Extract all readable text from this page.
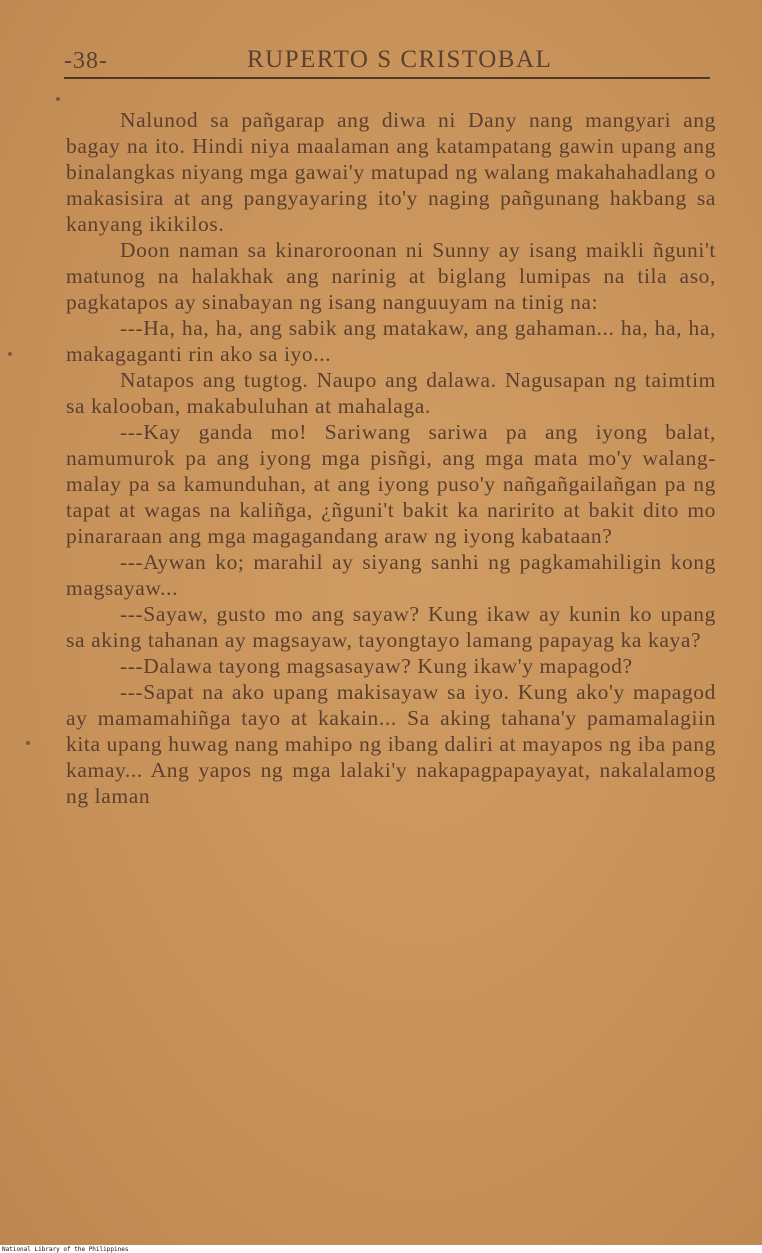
-38-	RUPERTO S CRISTOBAL

Nalunod sa pañgarap ang diwa ni Dany nang mangyari ang bagay na ito. Hindi niya maalaman ang katampatang gawin upang ang binalangkas niyang mga gawai'y matupad ng walang makahahadlang o makasisira at ang pangyayaring ito'y naging pañgunang hakbang sa kanyang ikikilos.

Doon naman sa kinaroroonan ni Sunny ay isang maikli ñguni't matunog na halakhak ang narinig at biglang lumipas na tila aso, pagkatapos ay sinabayan ng isang nanguuyam na tinig na:

---Ha, ha, ha, ang sabik ang matakaw, ang gahaman... ha, ha, ha, makagaganti rin ako sa iyo...

Natapos ang tugtog. Naupo ang dalawa. Nagusapan ng taimtim sa kalooban, makabuluhan at mahalaga.

---Kay ganda mo! Sariwang sariwa pa ang iyong balat, namumurok pa ang iyong mga pisñgi, ang mga mata mo'y walang-malay pa sa kamunduhan, at ang iyong puso'y nañgañgailañgan pa ng tapat at wagas na kaliñga, ¿ñguni't bakit ka naririto at bakit dito mo pinararaan ang mga magagandang araw ng iyong kabataan?

---Aywan ko; marahil ay siyang sanhi ng pagkamahiligin kong magsayaw...

---Sayaw, gusto mo ang sayaw? Kung ikaw ay kunin ko upang sa aking tahanan ay magsayaw, tayongtayo lamang papayag ka kaya?

---Dalawa tayong magsasayaw? Kung ikaw'y mapagod?

---Sapat na ako upang makisayaw sa iyo. Kung ako'y mapagod ay mamamahiñga tayo at kakain... Sa aking tahana'y pamamalagiin kita upang huwag nang mahipo ng ibang daliri at mayapos ng iba pang kamay... Ang yapos ng mga lalaki'y nakapagpapayayat, nakalalamog ng laman

National Library of the Philippines
